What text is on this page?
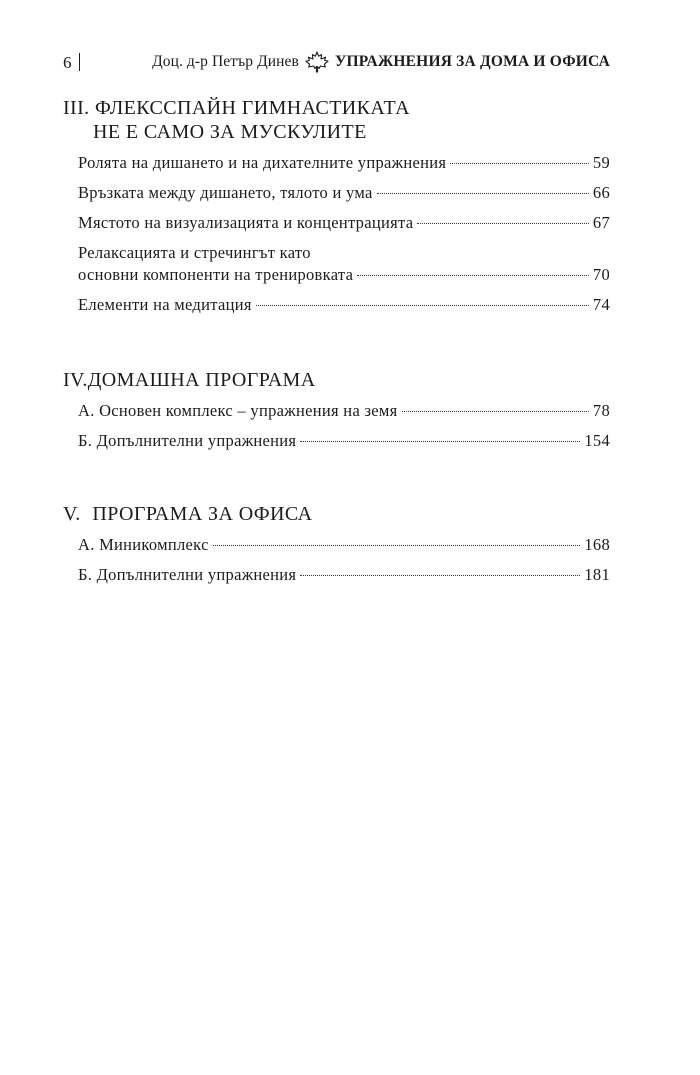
6	Доц. д-р Петър Динев УПРАЖНЕНИЯ ЗА ДОМА И ОФИСА
III. ФЛЕКССПАЙН ГИМНАСТИКАТА
НЕ Е САМО ЗА МУСКУЛИТЕ
Ролята на дишането и на дихателните упражнения	59
Връзката между дишането, тялото и ума	66
Мястото на визуализацията и концентрацията	67
Релаксацията и стречингът като
основни компоненти на тренировката	70
Елементи на медитация	74
IV.ДОМАШНА ПРОГРАМА
А. Основен комплекс – упражнения на земя	78
Б. Допълнителни упражнения	154
V. ПРОГРАМА ЗА ОФИСА
А. Миникомплекс	168
Б. Допълнителни упражнения	181
